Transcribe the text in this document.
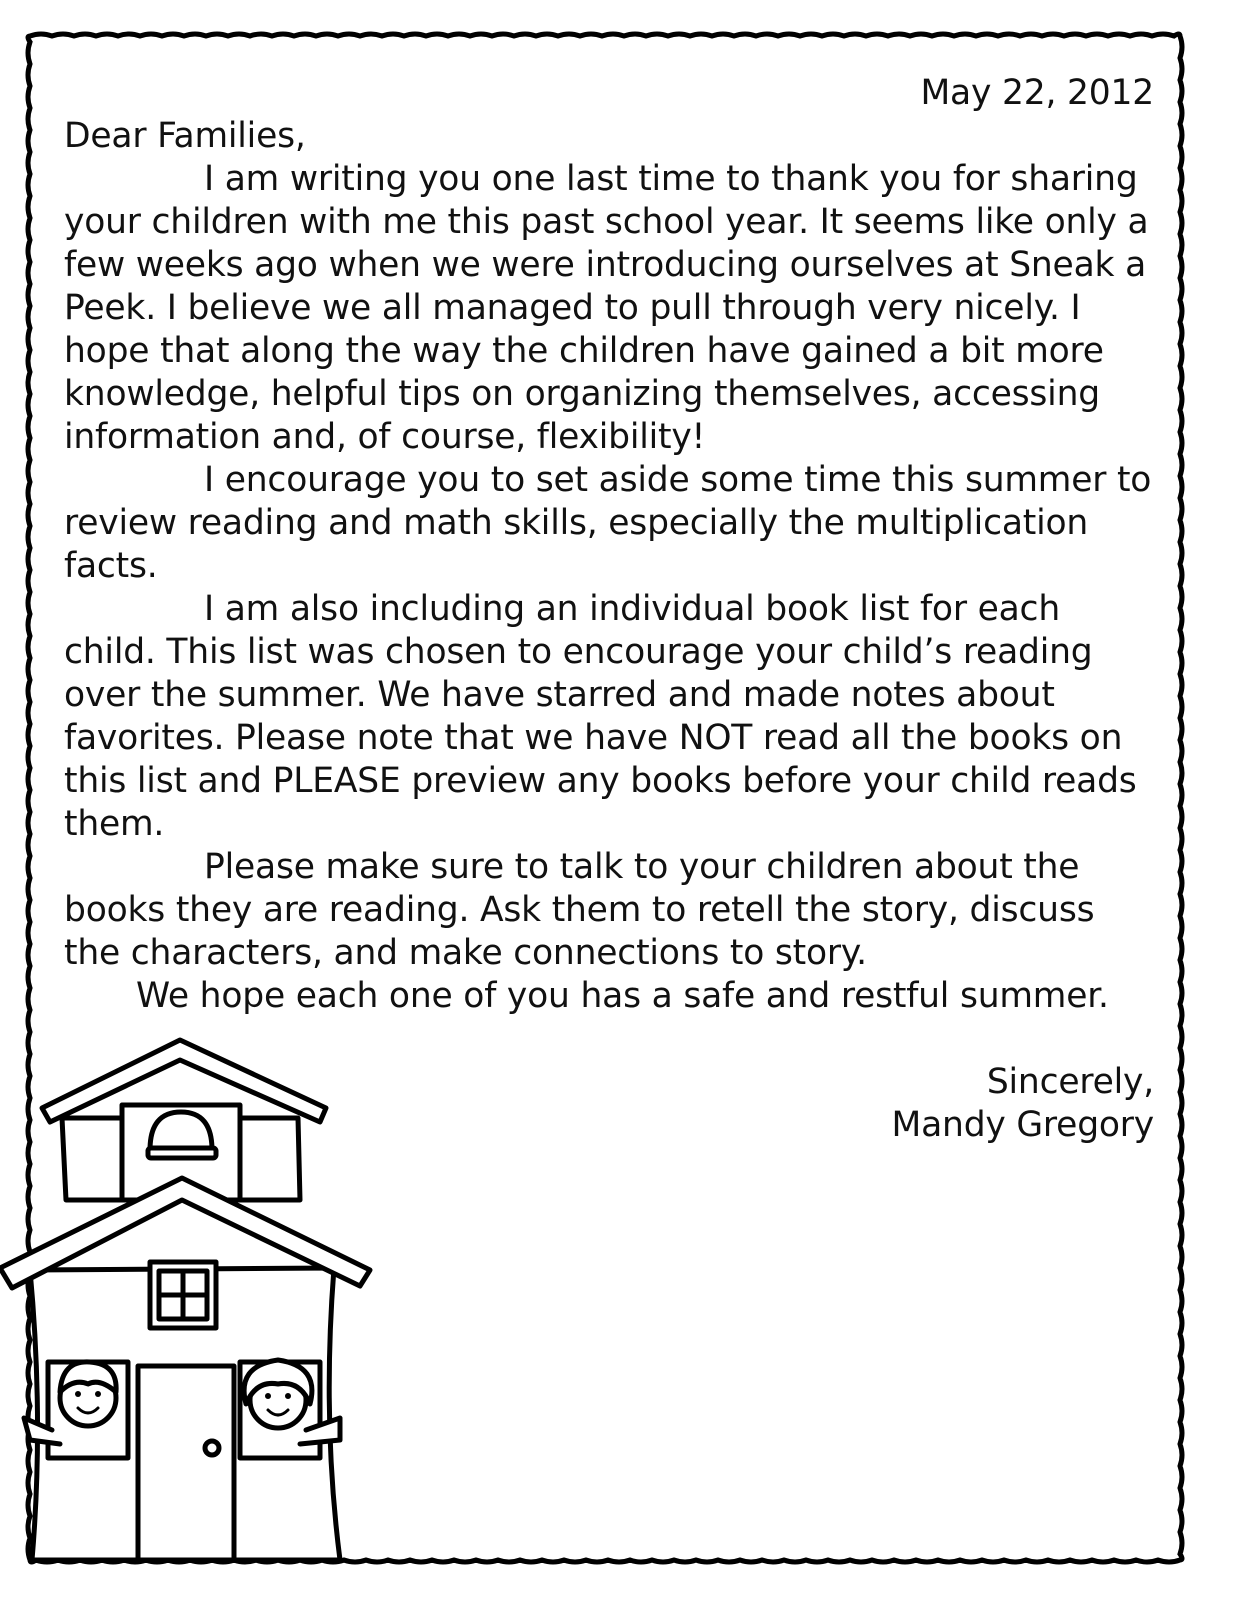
May 22, 2012
Dear Families,

I am writing you one last time to thank you for sharing your children with me this past school year. It seems like only a few weeks ago when we were introducing ourselves at Sneak a Peek. I believe we all managed to pull through very nicely. I hope that along the way the children have gained a bit more knowledge, helpful tips on organizing themselves, accessing information and, of course, flexibility!

I encourage you to set aside some time this summer to review reading and math skills, especially the multiplication facts.

I am also including an individual book list for each child. This list was chosen to encourage your child’s reading over the summer. We have starred and made notes about favorites. Please note that we have NOT read all the books on this list and PLEASE preview any books before your child reads them.

Please make sure to talk to your children about the books they are reading. Ask them to retell the story, discuss the characters, and make connections to story.

We hope each one of you has a safe and restful summer.

Sincerely,
Mandy Gregory
